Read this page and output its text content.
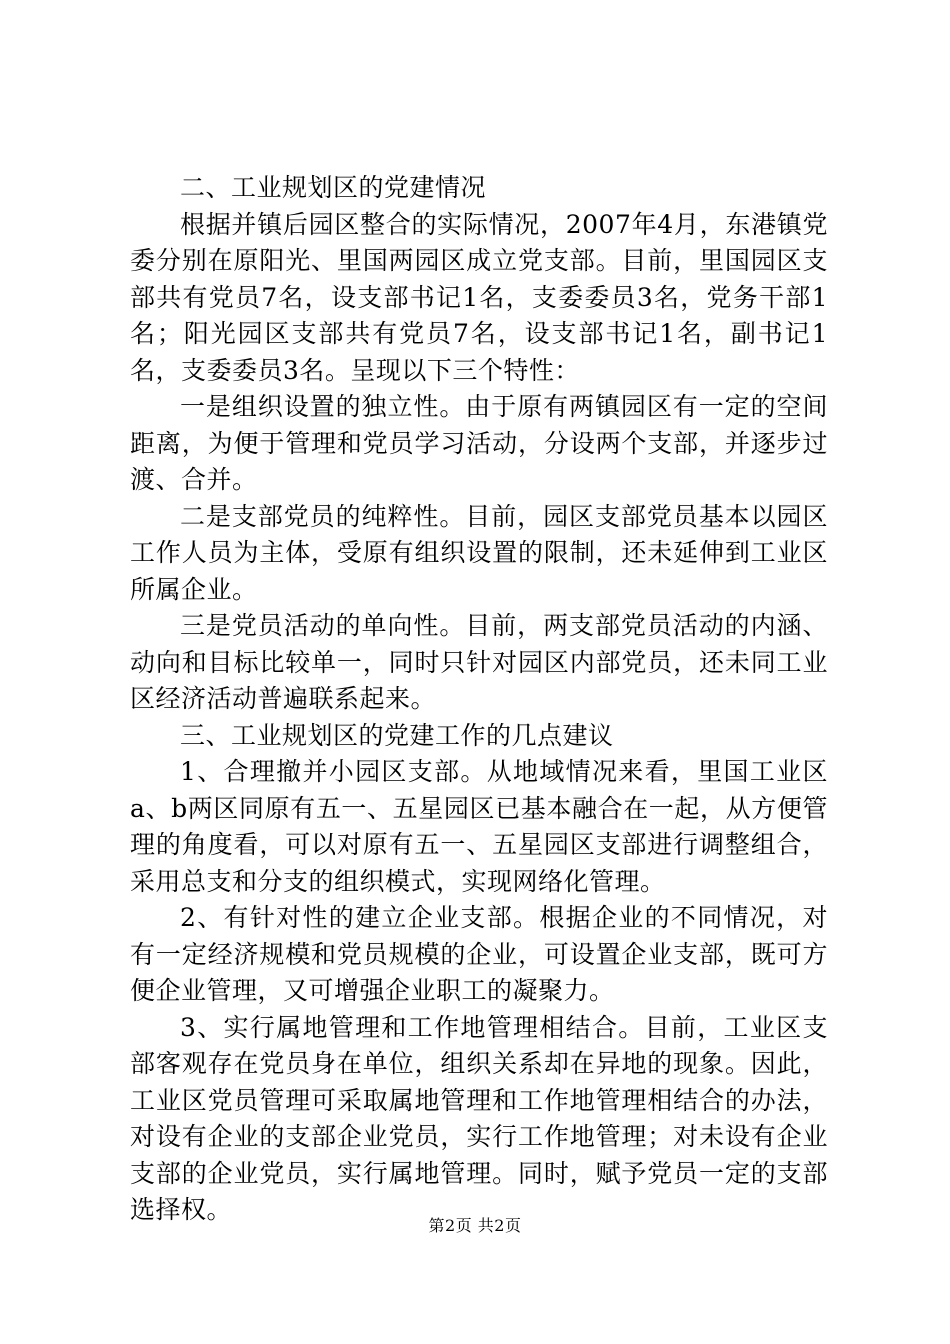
二、工业规划区的党建情况

根据并镇后园区整合的实际情况，2007年4月，东港镇党委分别在原阳光、里国两园区成立党支部。目前，里国园区支部共有党员7名，设支部书记1名，支委委员3名，党务干部1名；阳光园区支部共有党员7名，设支部书记1名，副书记1名，支委委员3名。呈现以下三个特性：

一是组织设置的独立性。由于原有两镇园区有一定的空间距离，为便于管理和党员学习活动，分设两个支部，并逐步过渡、合并。

二是支部党员的纯粹性。目前，园区支部党员基本以园区工作人员为主体，受原有组织设置的限制，还未延伸到工业区所属企业。

三是党员活动的单向性。目前，两支部党员活动的内涵、动向和目标比较单一，同时只针对园区内部党员，还未同工业区经济活动普遍联系起来。

三、工业规划区的党建工作的几点建议

1、合理撤并小园区支部。从地域情况来看，里国工业区a、b两区同原有五一、五星园区已基本融合在一起，从方便管理的角度看，可以对原有五一、五星园区支部进行调整组合，采用总支和分支的组织模式，实现网络化管理。

2、有针对性的建立企业支部。根据企业的不同情况，对有一定经济规模和党员规模的企业，可设置企业支部，既可方便企业管理，又可增强企业职工的凝聚力。

3、实行属地管理和工作地管理相结合。目前，工业区支部客观存在党员身在单位，组织关系却在异地的现象。因此，工业区党员管理可采取属地管理和工作地管理相结合的办法，对设有企业的支部企业党员，实行工作地管理；对未设有企业支部的企业党员，实行属地管理。同时，赋予党员一定的支部选择权。

第2页 共2页
